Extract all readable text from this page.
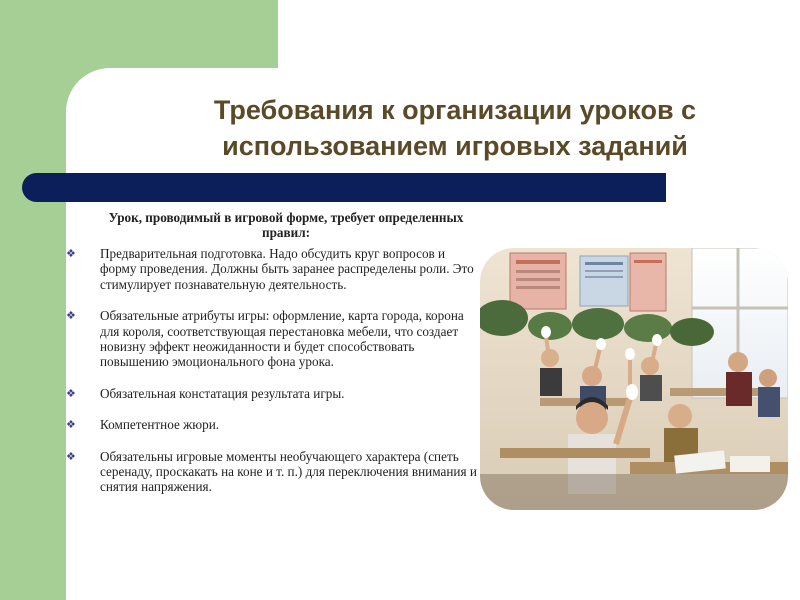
Требования к организации уроков с использованием игровых заданий
Урок, проводимый в игровой форме, требует определенных правил:
❖ Предварительная подготовка. Надо обсудить круг вопросов и форму проведения. Должны быть заранее распределены роли. Это стимулирует познавательную деятельность.
❖ Обязательные атрибуты игры: оформление, карта города, корона для короля, соответствующая перестановка мебели, что создает новизну эффект неожиданности и будет способствовать повышению эмоционального фона урока.
❖ Обязательная констатация результата игры.
❖ Компетентное жюри.
❖ Обязательны игровые моменты необучающего характера (спеть серенаду, проскакать на коне и т. п.) для переключения внимания и снятия напряжения.
